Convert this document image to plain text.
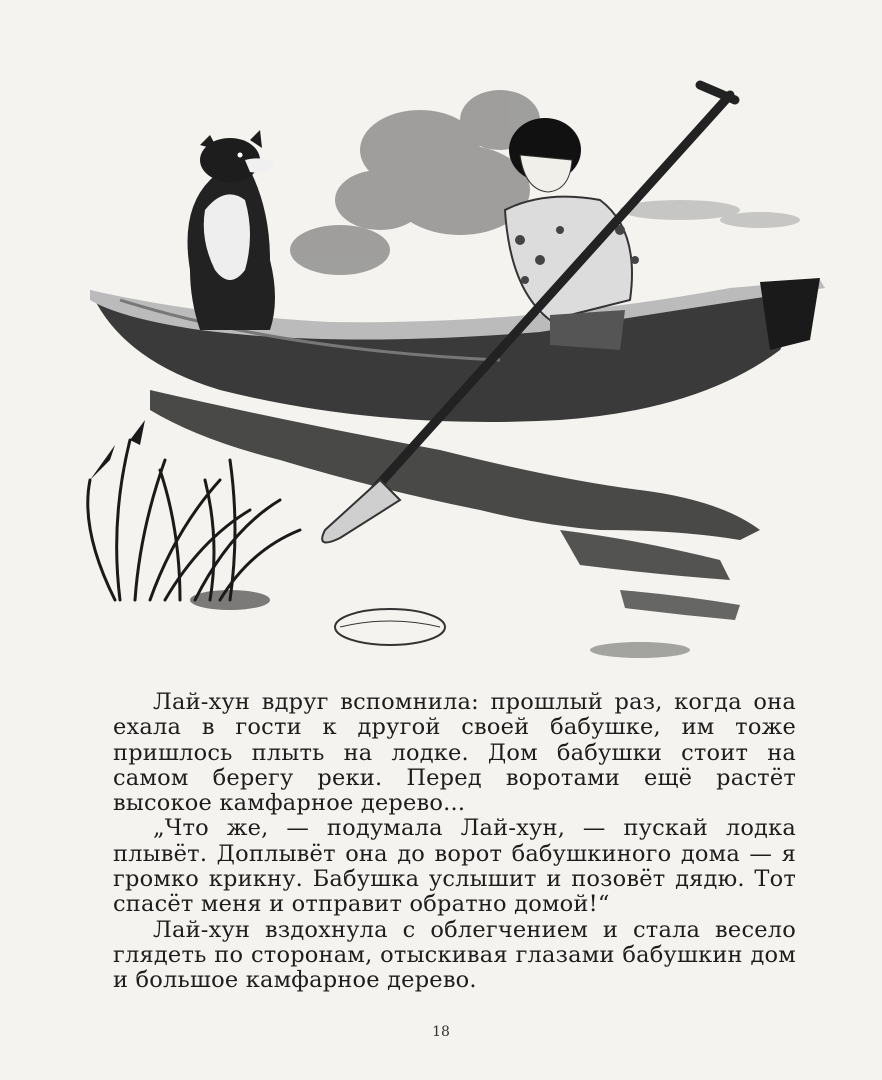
Лай-хун вдруг вспомнила: прошлый раз, когда она ехала в гости к другой своей бабушке, им тоже пришлось плыть на лодке. Дом бабушки стоит на самом берегу реки. Перед воротами ещё растёт высокое камфарное дерево...

„Что же, — подумала Лай-хун, — пускай лодка плывёт. Доплывёт она до ворот бабушкиного дома — я громко крикну. Бабушка услышит и позовёт дядю. Тот спасёт меня и отправит обратно домой!“

Лай-хун вздохнула с облегчением и стала весело глядеть по сторонам, отыскивая глазами бабушкин дом и большое камфарное дерево.

18
